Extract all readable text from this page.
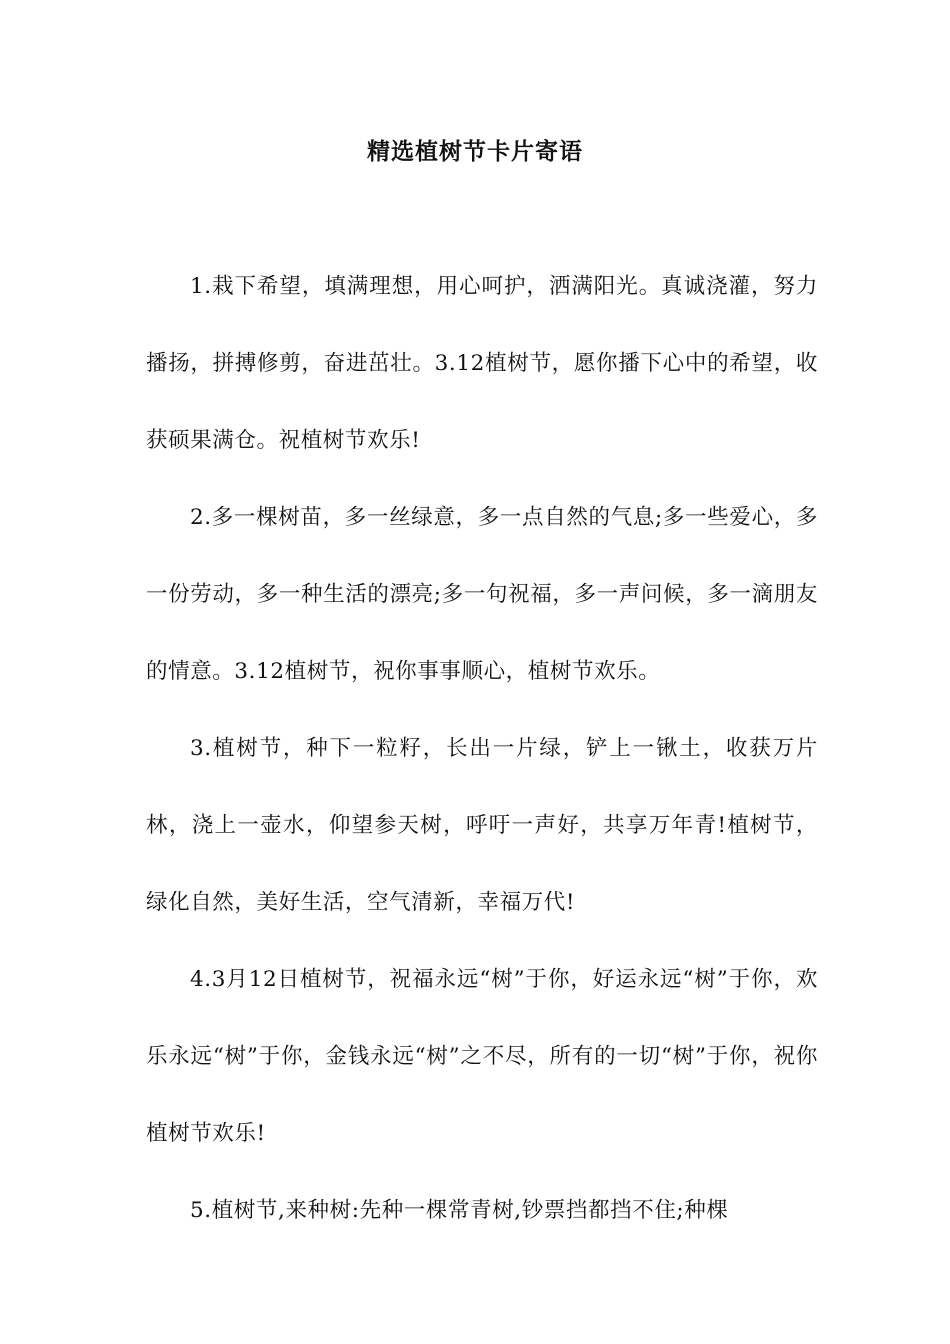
精选植树节卡片寄语

1.栽下希望，填满理想，用心呵护，洒满阳光。真诚浇灌，努力播扬，拼搏修剪，奋进茁壮。3.12植树节，愿你播下心中的希望，收获硕果满仓。祝植树节欢乐!

2.多一棵树苗，多一丝绿意，多一点自然的气息;多一些爱心，多一份劳动，多一种生活的漂亮;多一句祝福，多一声问候，多一滴朋友的情意。3.12植树节，祝你事事顺心，植树节欢乐。

3.植树节，种下一粒籽，长出一片绿，铲上一锹土，收获万片林，浇上一壶水，仰望参天树，呼吁一声好，共享万年青!植树节，绿化自然，美好生活，空气清新，幸福万代!

4.3月12日植树节，祝福永远“树”于你，好运永远“树”于你，欢乐永远“树”于你，金钱永远“树”之不尽，所有的一切“树”于你，祝你植树节欢乐!

5.植树节,来种树:先种一棵常青树,钞票挡都挡不住;种棵
